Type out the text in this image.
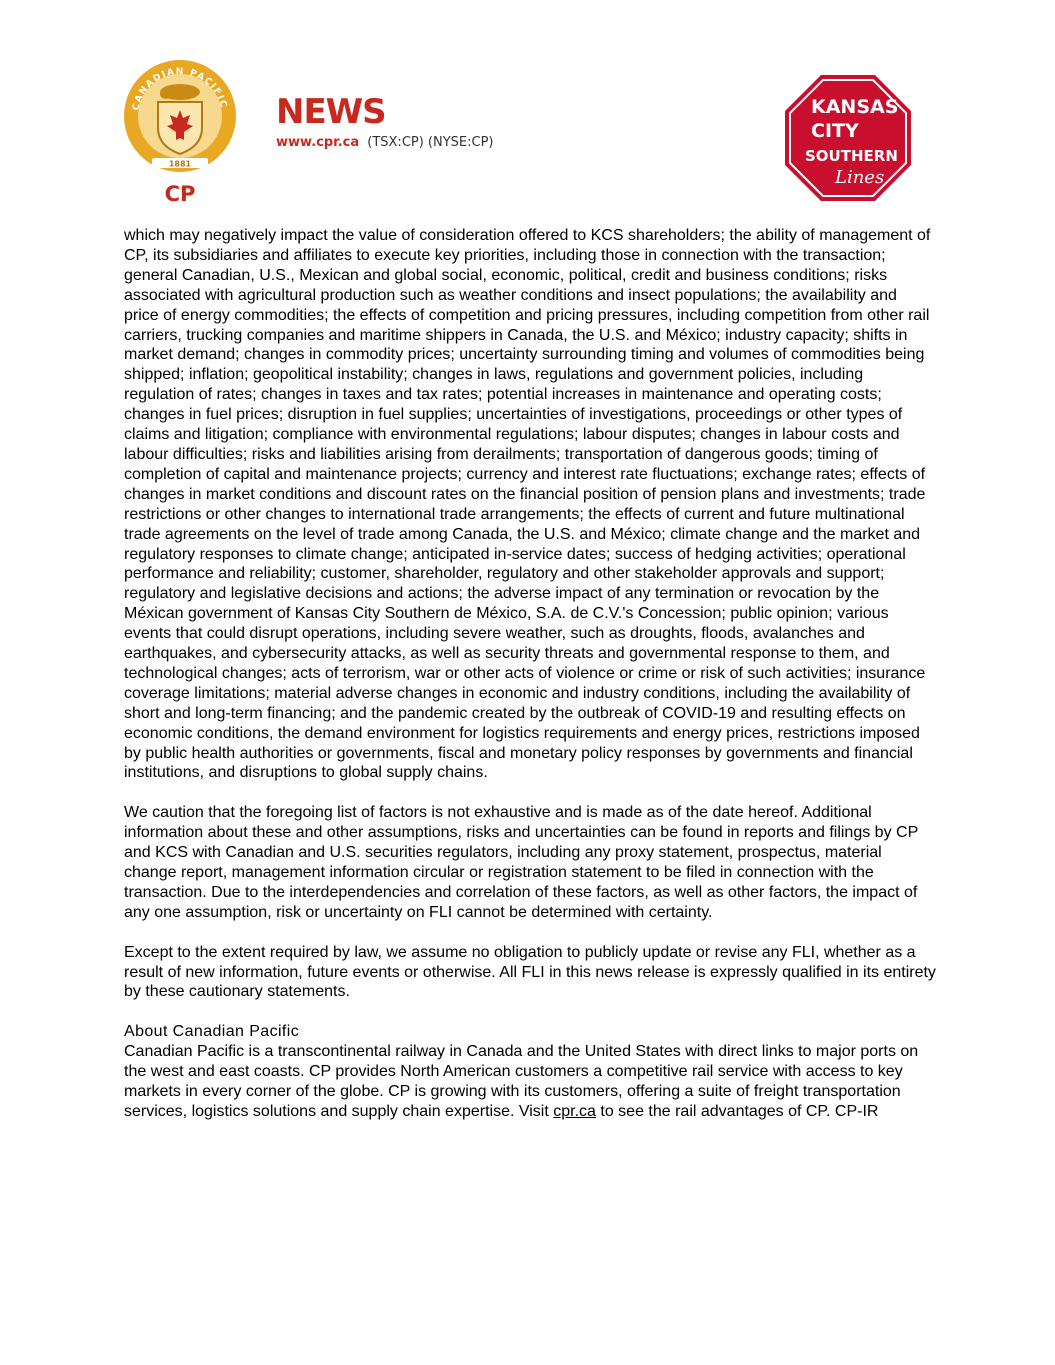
CANADIAN PACIFIC
1881
CP
NEWS
www.cpr.ca (TSX:CP) (NYSE:CP)
KANSAS
CITY
SOUTHERN
Lines

which may negatively impact the value of consideration offered to KCS shareholders; the ability of management of CP, its subsidiaries and affiliates to execute key priorities, including those in connection with the transaction; general Canadian, U.S., Mexican and global social, economic, political, credit and business conditions; risks associated with agricultural production such as weather conditions and insect populations; the availability and price of energy commodities; the effects of competition and pricing pressures, including competition from other rail carriers, trucking companies and maritime shippers in Canada, the U.S. and México; industry capacity; shifts in market demand; changes in commodity prices; uncertainty surrounding timing and volumes of commodities being shipped; inflation; geopolitical instability; changes in laws, regulations and government policies, including regulation of rates; changes in taxes and tax rates; potential increases in maintenance and operating costs; changes in fuel prices; disruption in fuel supplies; uncertainties of investigations, proceedings or other types of claims and litigation; compliance with environmental regulations; labour disputes; changes in labour costs and labour difficulties; risks and liabilities arising from derailments; transportation of dangerous goods; timing of completion of capital and maintenance projects; currency and interest rate fluctuations; exchange rates; effects of changes in market conditions and discount rates on the financial position of pension plans and investments; trade restrictions or other changes to international trade arrangements; the effects of current and future multinational trade agreements on the level of trade among Canada, the U.S. and México; climate change and the market and regulatory responses to climate change; anticipated in-service dates; success of hedging activities; operational performance and reliability; customer, shareholder, regulatory and other stakeholder approvals and support; regulatory and legislative decisions and actions; the adverse impact of any termination or revocation by the Méxican government of Kansas City Southern de México, S.A. de C.V.'s Concession; public opinion; various events that could disrupt operations, including severe weather, such as droughts, floods, avalanches and earthquakes, and cybersecurity attacks, as well as security threats and governmental response to them, and technological changes; acts of terrorism, war or other acts of violence or crime or risk of such activities; insurance coverage limitations; material adverse changes in economic and industry conditions, including the availability of short and long-term financing; and the pandemic created by the outbreak of COVID-19 and resulting effects on economic conditions, the demand environment for logistics requirements and energy prices, restrictions imposed by public health authorities or governments, fiscal and monetary policy responses by governments and financial institutions, and disruptions to global supply chains.

We caution that the foregoing list of factors is not exhaustive and is made as of the date hereof. Additional information about these and other assumptions, risks and uncertainties can be found in reports and filings by CP and KCS with Canadian and U.S. securities regulators, including any proxy statement, prospectus, material change report, management information circular or registration statement to be filed in connection with the transaction. Due to the interdependencies and correlation of these factors, as well as other factors, the impact of any one assumption, risk or uncertainty on FLI cannot be determined with certainty.

Except to the extent required by law, we assume no obligation to publicly update or revise any FLI, whether as a result of new information, future events or otherwise. All FLI in this news release is expressly qualified in its entirety by these cautionary statements.

About Canadian Pacific
Canadian Pacific is a transcontinental railway in Canada and the United States with direct links to major ports on the west and east coasts. CP provides North American customers a competitive rail service with access to key markets in every corner of the globe. CP is growing with its customers, offering a suite of freight transportation services, logistics solutions and supply chain expertise. Visit cpr.ca to see the rail advantages of CP. CP-IR
